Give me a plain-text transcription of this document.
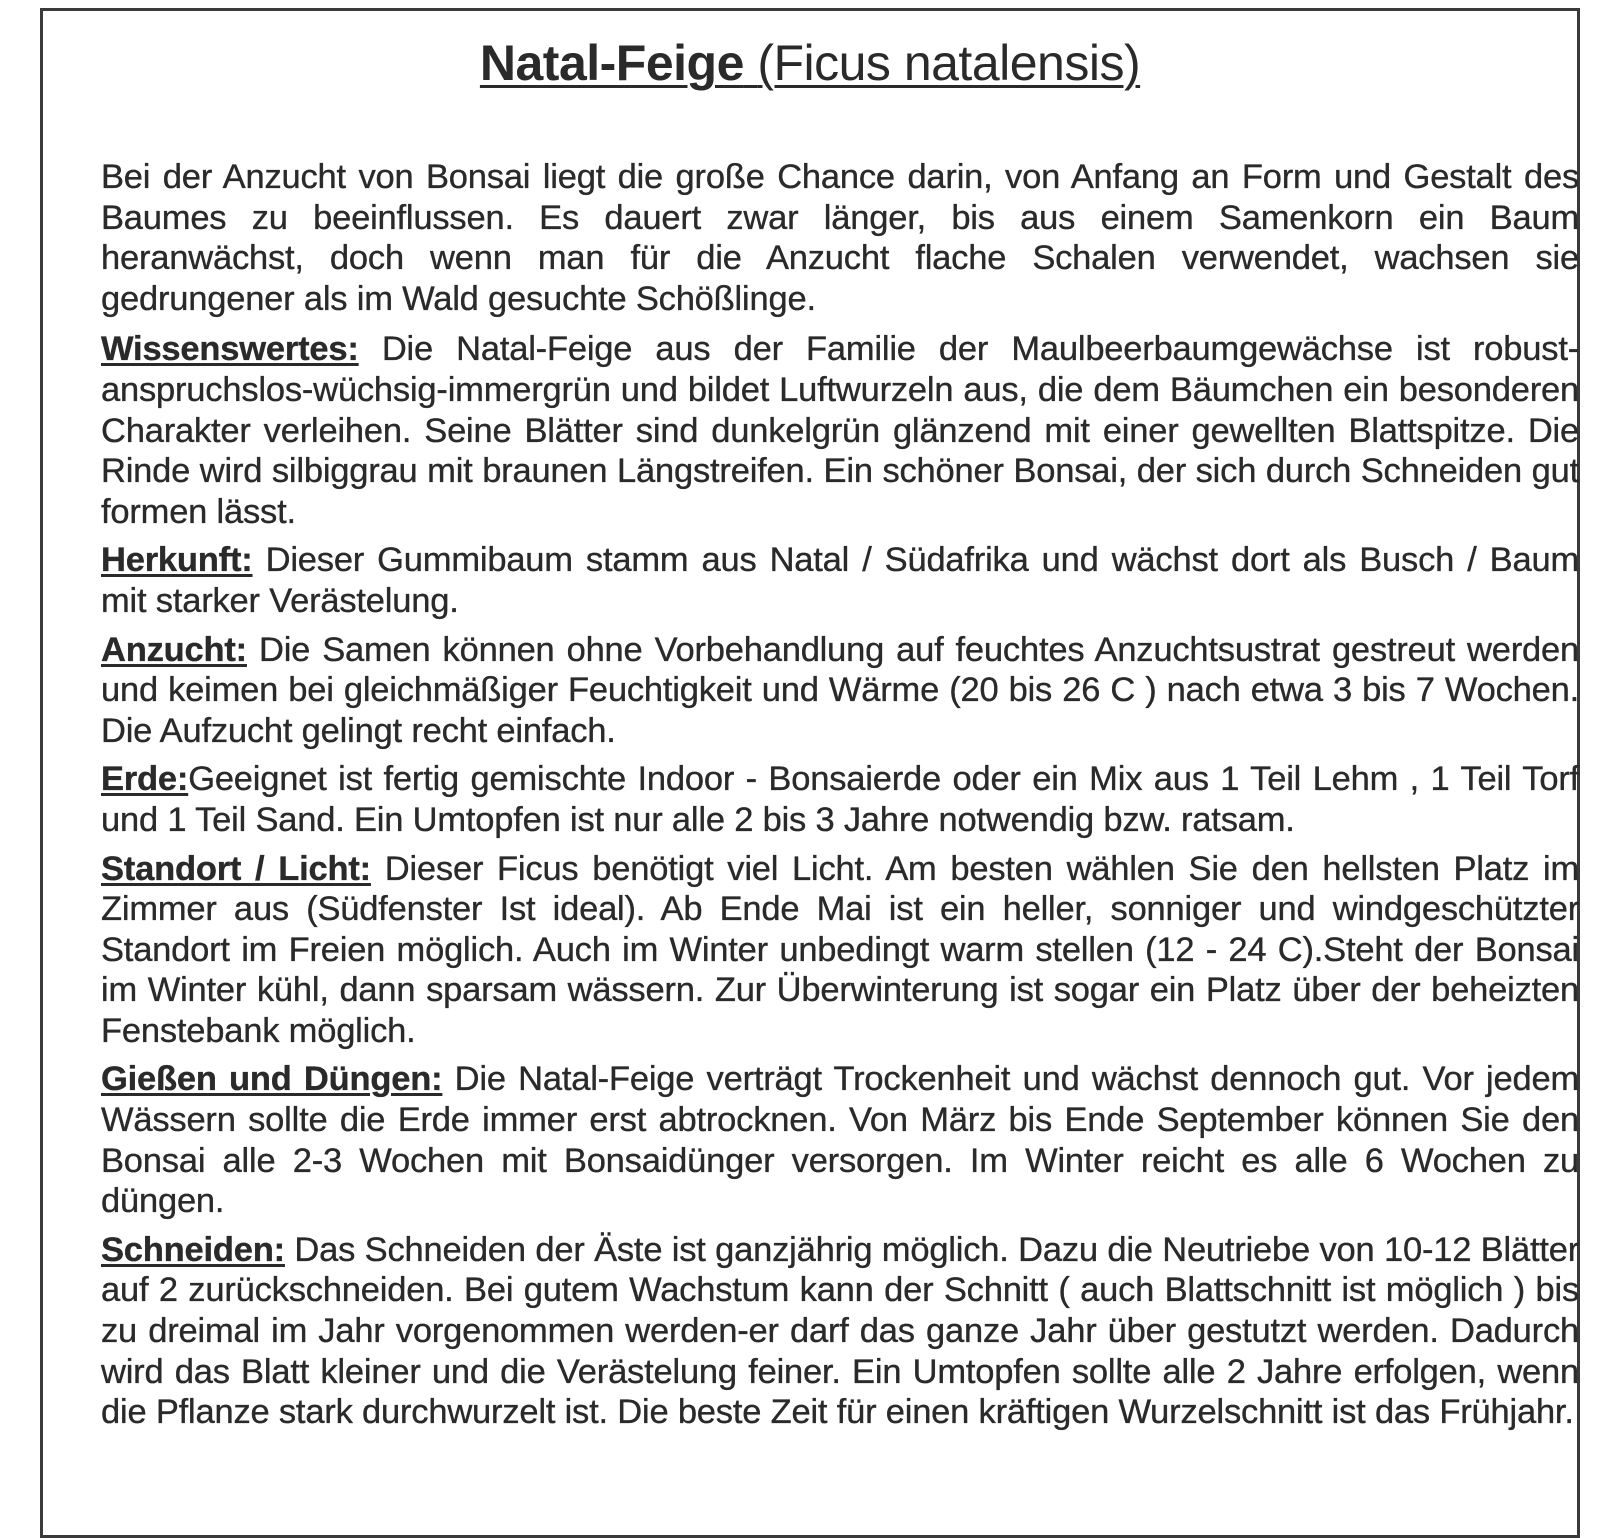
Natal-Feige (Ficus natalensis)

Bei der Anzucht von Bonsai liegt die große Chance darin, von Anfang an Form und Gestalt des Baumes zu beeinflussen. Es dauert zwar länger, bis aus einem Samenkorn ein Baum heranwächst, doch wenn man für die Anzucht flache Schalen verwendet, wachsen sie gedrungener als im Wald gesuchte Schößlinge.

Wissenswertes: Die Natal-Feige aus der Familie der Maulbeerbaumgewächse ist robust-anspruchslos-wüchsig-immergrün und bildet Luftwurzeln aus, die dem Bäumchen ein besonderen Charakter verleihen. Seine Blätter sind dunkelgrün glänzend mit einer gewellten Blattspitze. Die Rinde wird silbiggrau mit braunen Längstreifen. Ein schöner Bonsai, der sich durch Schneiden gut formen lässt.

Herkunft: Dieser Gummibaum stamm aus Natal / Südafrika und wächst dort als Busch / Baum mit starker Verästelung.

Anzucht: Die Samen können ohne Vorbehandlung auf feuchtes Anzuchtsustrat gestreut werden und keimen bei gleichmäßiger Feuchtigkeit und Wärme (20 bis 26 C ) nach etwa 3 bis 7 Wochen. Die Aufzucht gelingt recht einfach.

Erde:Geeignet ist fertig gemischte Indoor - Bonsaierde oder ein Mix aus 1 Teil Lehm , 1 Teil Torf und 1 Teil Sand. Ein Umtopfen ist nur alle 2 bis 3 Jahre notwendig bzw. ratsam.

Standort / Licht: Dieser Ficus benötigt viel Licht. Am besten wählen Sie den hellsten Platz im Zimmer aus (Südfenster Ist ideal). Ab Ende Mai ist ein heller, sonniger und windgeschützter Standort im Freien möglich. Auch im Winter unbedingt warm stellen (12 - 24 C).Steht der Bonsai im Winter kühl, dann sparsam wässern. Zur Überwinterung ist sogar ein Platz über der beheizten Fenstebank möglich.

Gießen und Düngen: Die Natal-Feige verträgt Trockenheit und wächst dennoch gut. Vor jedem Wässern sollte die Erde immer erst abtrocknen. Von März bis Ende September können Sie den Bonsai alle 2-3 Wochen mit Bonsaidünger versorgen. Im Winter reicht es alle 6 Wochen zu düngen.

Schneiden: Das Schneiden der Äste ist ganzjährig möglich. Dazu die Neutriebe von 10-12 Blätter auf 2 zurückschneiden. Bei gutem Wachstum kann der Schnitt ( auch Blattschnitt ist möglich ) bis zu dreimal im Jahr vorgenommen werden-er darf das ganze Jahr über gestutzt werden. Dadurch wird das Blatt kleiner und die Verästelung feiner. Ein Umtopfen sollte alle 2 Jahre erfolgen, wenn die Pflanze stark durchwurzelt ist. Die beste Zeit für einen kräftigen Wurzelschnitt ist das Frühjahr.
